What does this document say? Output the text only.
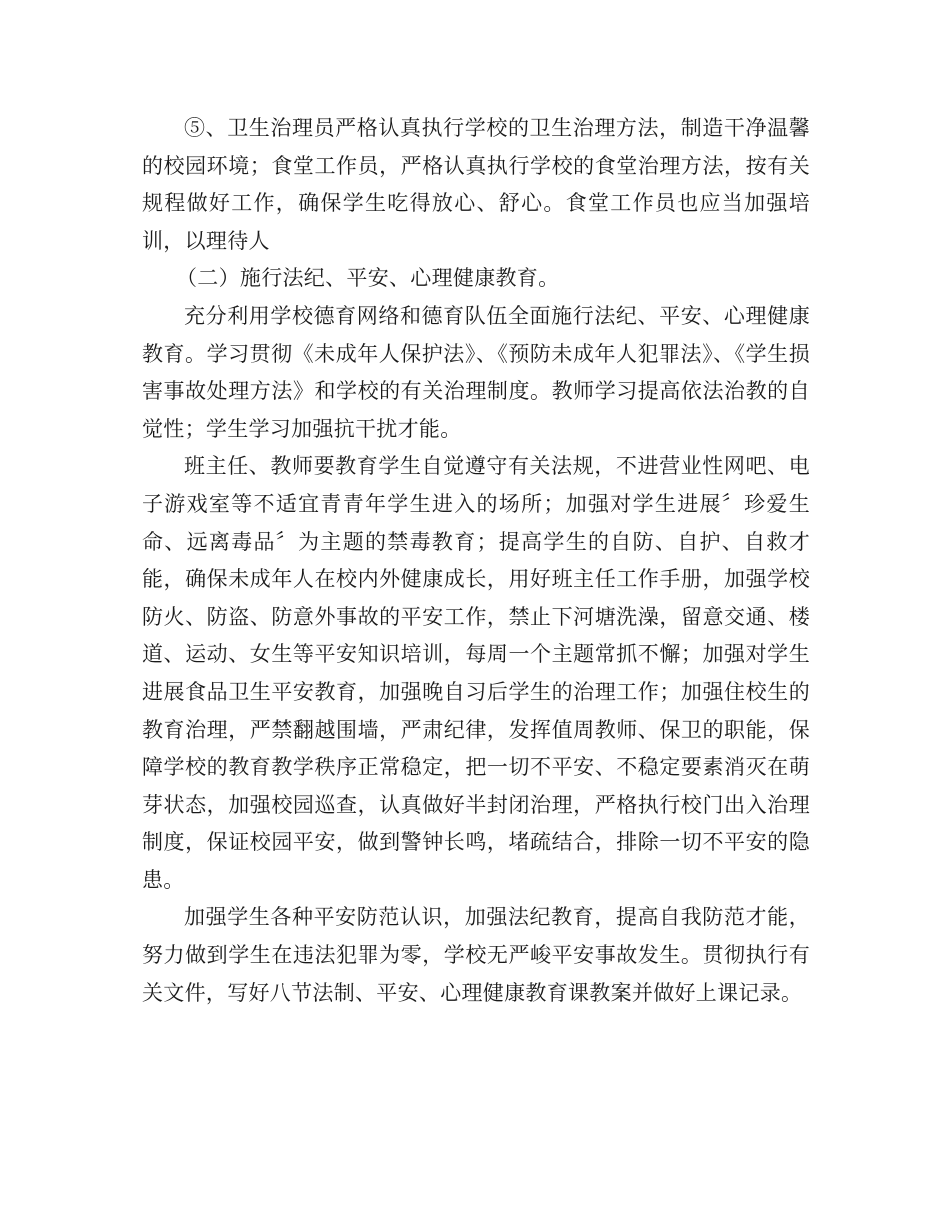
⑤、卫生治理员严格认真执行学校的卫生治理方法，制造干净温馨的校园环境；食堂工作员，严格认真执行学校的食堂治理方法，按有关规程做好工作，确保学生吃得放心、舒心。食堂工作员也应当加强培训，以理待人

（二）施行法纪、平安、心理健康教育。

充分利用学校德育网络和德育队伍全面施行法纪、平安、心理健康教育。学习贯彻《未成年人保护法》、《预防未成年人犯罪法》、《学生损害事故处理方法》和学校的有关治理制度。教师学习提高依法治教的自觉性；学生学习加强抗干扰才能。

班主任、教师要教育学生自觉遵守有关法规，不进营业性网吧、电子游戏室等不适宜青青年学生进入的场所；加强对学生进展〞珍爱生命、远离毒品〞为主题的禁毒教育；提高学生的自防、自护、自救才能，确保未成年人在校内外健康成长，用好班主任工作手册，加强学校防火、防盗、防意外事故的平安工作，禁止下河塘洗澡，留意交通、楼道、运动、女生等平安知识培训，每周一个主题常抓不懈；加强对学生进展食品卫生平安教育，加强晚自习后学生的治理工作；加强住校生的教育治理，严禁翻越围墙，严肃纪律，发挥值周教师、保卫的职能，保障学校的教育教学秩序正常稳定，把一切不平安、不稳定要素消灭在萌芽状态，加强校园巡查，认真做好半封闭治理，严格执行校门出入治理制度，保证校园平安，做到警钟长鸣，堵疏结合，排除一切不平安的隐患。

加强学生各种平安防范认识，加强法纪教育，提高自我防范才能，努力做到学生在违法犯罪为零，学校无严峻平安事故发生。贯彻执行有关文件，写好八节法制、平安、心理健康教育课教案并做好上课记录。
